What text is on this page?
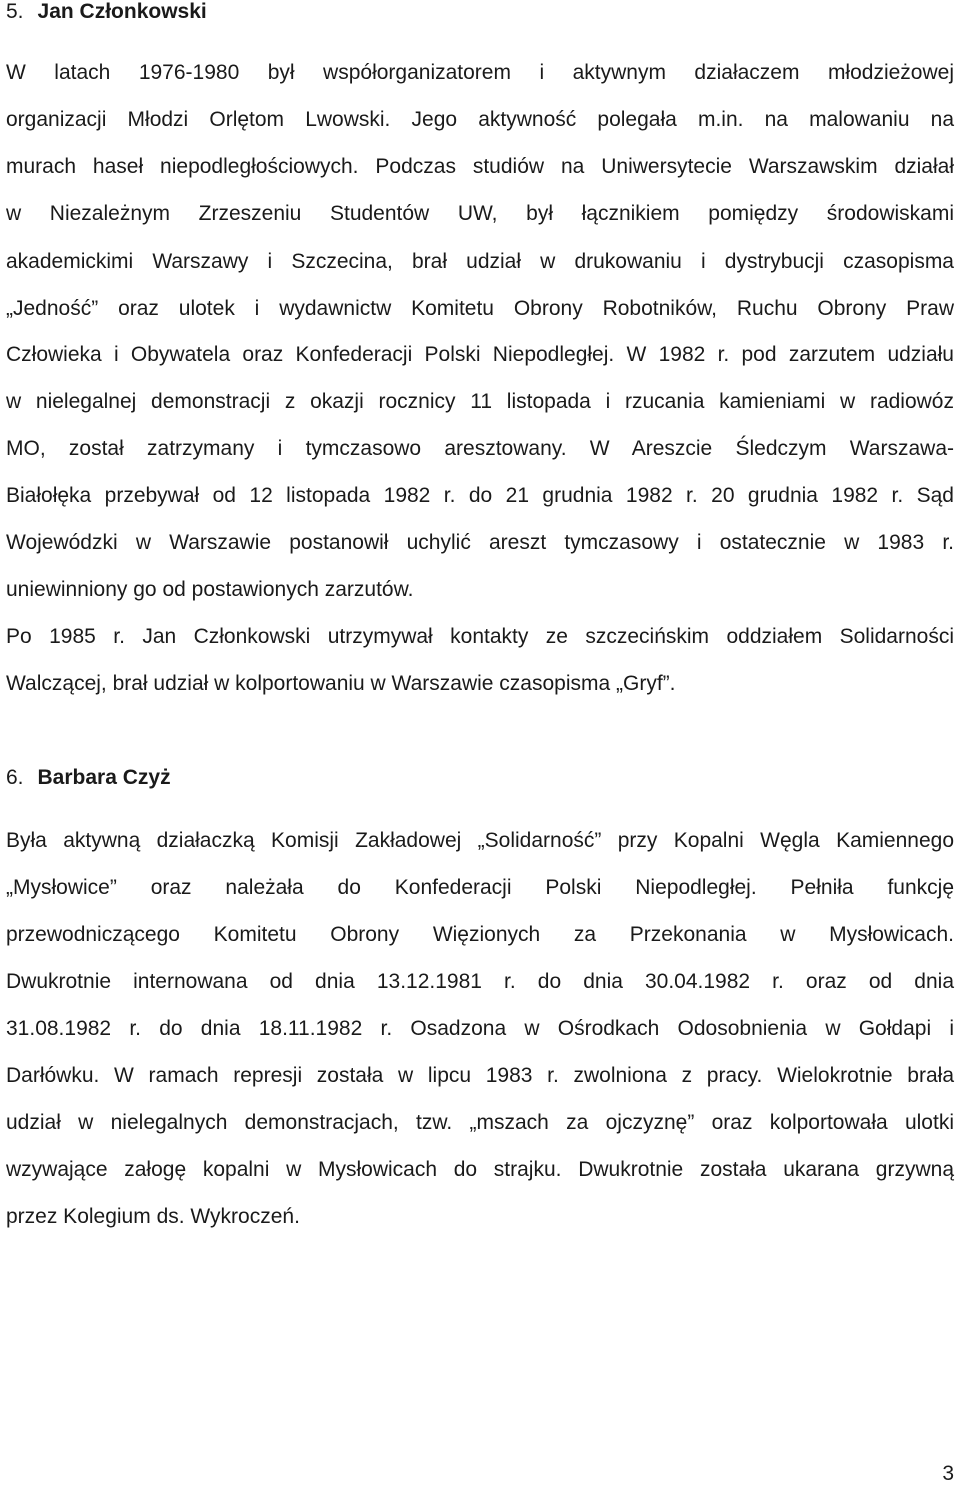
5. Jan Członkowski
W latach 1976-1980 był współorganizatorem i aktywnym działaczem młodzieżowej
organizacji Młodzi Orlętom Lwowski. Jego aktywność polegała m.in. na malowaniu na
murach haseł niepodległościowych. Podczas studiów na Uniwersytecie Warszawskim działał
w Niezależnym Zrzeszeniu Studentów UW, był łącznikiem pomiędzy środowiskami
akademickimi Warszawy i Szczecina, brał udział w drukowaniu i dystrybucji czasopisma
„Jedność” oraz ulotek i wydawnictw Komitetu Obrony Robotników, Ruchu Obrony Praw
Człowieka i Obywatela oraz Konfederacji Polski Niepodległej. W 1982 r. pod zarzutem udziału
w nielegalnej demonstracji z okazji rocznicy 11 listopada i rzucania kamieniami w radiowóz
MO, został zatrzymany i tymczasowo aresztowany. W Areszcie Śledczym Warszawa-
Białołęka przebywał od 12 listopada 1982 r. do 21 grudnia 1982 r. 20 grudnia 1982 r. Sąd
Wojewódzki w Warszawie postanowił uchylić areszt tymczasowy i ostatecznie w 1983 r.
uniewinniony go od postawionych zarzutów.
Po 1985 r. Jan Członkowski utrzymywał kontakty ze szczecińskim oddziałem Solidarności
Walczącej, brał udział w kolportowaniu w Warszawie czasopisma „Gryf”.
6. Barbara Czyż
Była aktywną działaczką Komisji Zakładowej „Solidarność” przy Kopalni Węgla Kamiennego
„Mysłowice” oraz należała do Konfederacji Polski Niepodległej. Pełniła funkcję
przewodniczącego Komitetu Obrony Więzionych za Przekonania w Mysłowicach.
Dwukrotnie internowana od dnia 13.12.1981 r. do dnia 30.04.1982 r. oraz od dnia
31.08.1982 r. do dnia 18.11.1982 r. Osadzona w Ośrodkach Odosobnienia w Gołdapi i
Darłówku. W ramach represji została w lipcu 1983 r. zwolniona z pracy. Wielokrotnie brała
udział w nielegalnych demonstracjach, tzw. „mszach za ojczyznę” oraz kolportowała ulotki
wzywające załogę kopalni w Mysłowicach do strajku. Dwukrotnie została ukarana grzywną
przez Kolegium ds. Wykroczeń.
3
